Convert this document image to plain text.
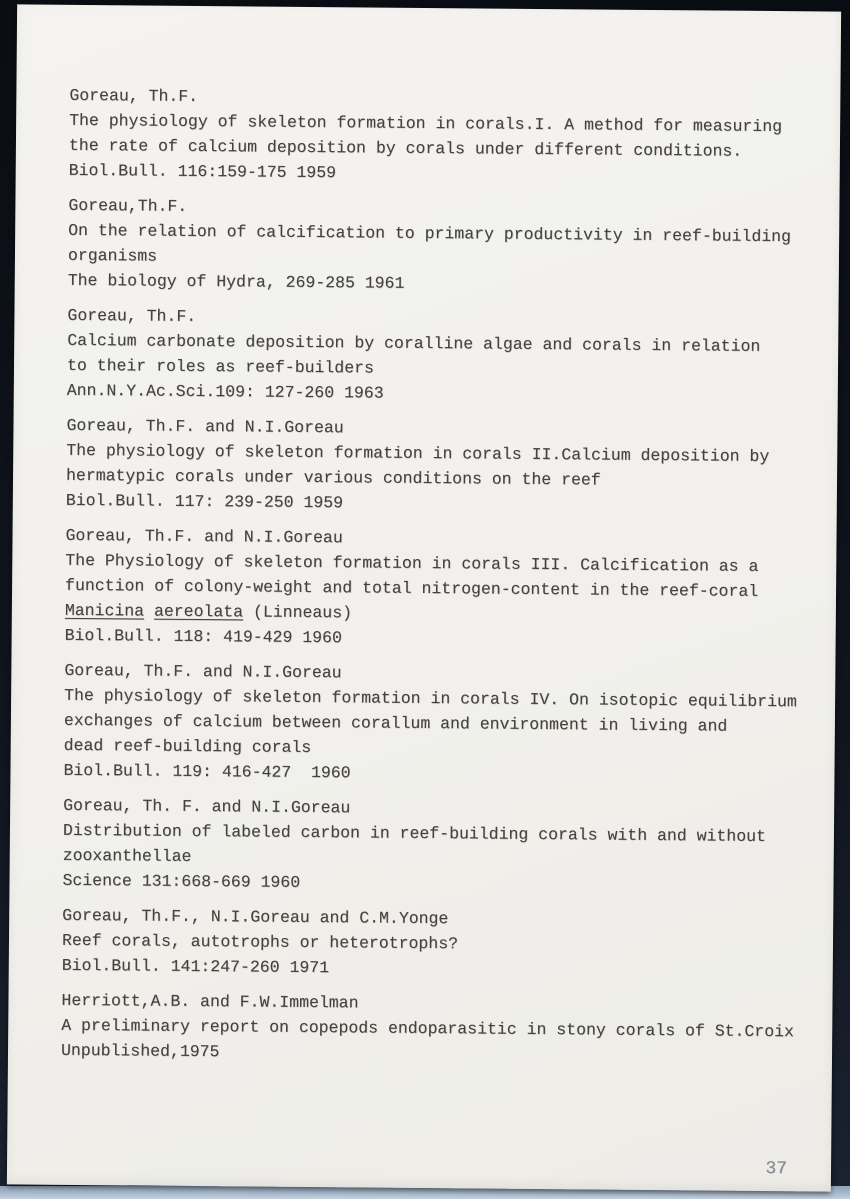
Goreau, Th.F.
The physiology of skeleton formation in corals.I. A method for measuring
the rate of calcium deposition by corals under different conditions.
Biol.Bull. 116:159-175 1959
Goreau,Th.F.
On the relation of calcification to primary productivity in reef-building
organisms
The biology of Hydra, 269-285 1961
Goreau, Th.F.
Calcium carbonate deposition by coralline algae and corals in relation
to their roles as reef-builders
Ann.N.Y.Ac.Sci.109: 127-260 1963
Goreau, Th.F. and N.I.Goreau
The physiology of skeleton formation in corals II.Calcium deposition by
hermatypic corals under various conditions on the reef
Biol.Bull. 117: 239-250 1959
Goreau, Th.F. and N.I.Goreau
The Physiology of skeleton formation in corals III. Calcification as a
function of colony-weight and total nitrogen-content in the reef-coral
Manicina aereolata (Linneaus)
Biol.Bull. 118: 419-429 1960
Goreau, Th.F. and N.I.Goreau
The physiology of skeleton formation in corals IV. On isotopic equilibrium
exchanges of calcium between corallum and environment in living and
dead reef-building corals
Biol.Bull. 119: 416-427  1960
Goreau, Th. F. and N.I.Goreau
Distribution of labeled carbon in reef-building corals with and without
zooxanthellae
Science 131:668-669 1960
Goreau, Th.F., N.I.Goreau and C.M.Yonge
Reef corals, autotrophs or heterotrophs?
Biol.Bull. 141:247-260 1971
Herriott,A.B. and F.W.Immelman
A preliminary report on copepods endoparasitic in stony corals of St.Croix
Unpublished,1975
37
